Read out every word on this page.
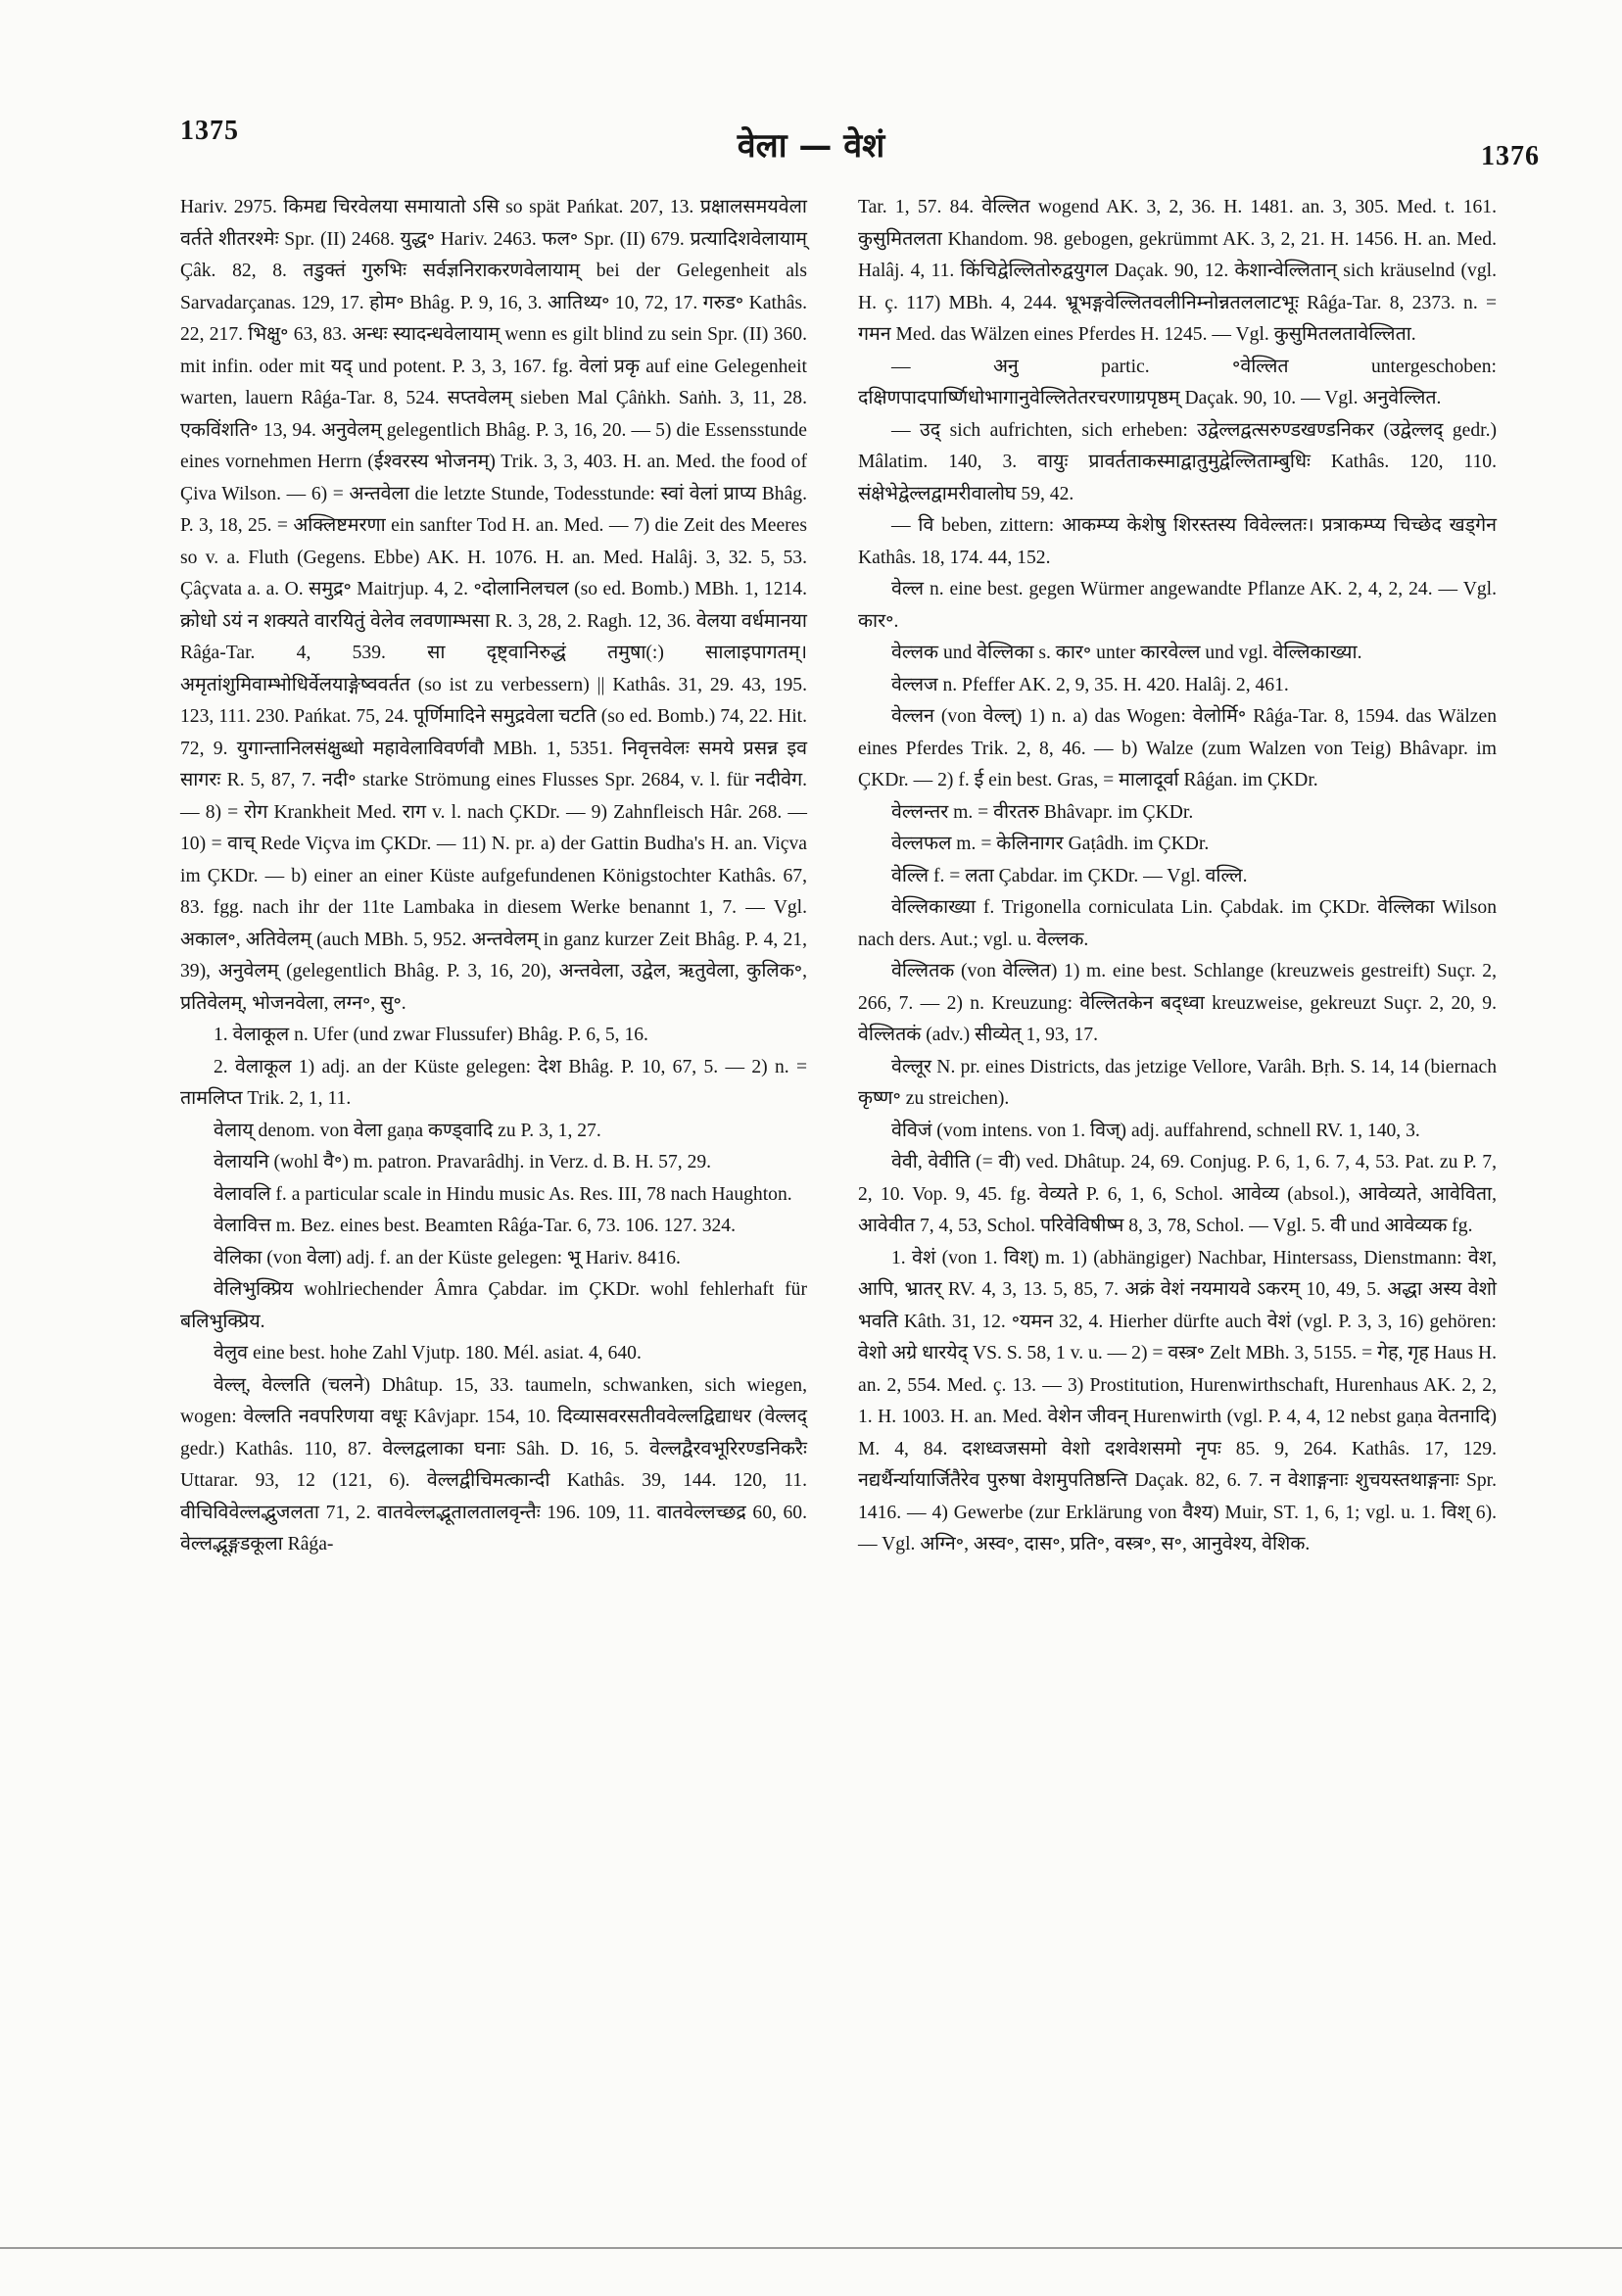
1375	वेला — वेशं	1376

Hariv. 2975. किमद्य चिरवेलया समायातो ऽसि so spät Pańkat. 207, 13. प्रक्षालसमयवेला वर्तते शीतरश्मेः Spr. (II) 2468. युद्ध॰ Hariv. 2463. फल॰ Spr. (II) 679. प्रत्यादिशवेलायाम् Çâk. 82, 8. तडुक्तं गुरुभिः सर्वज्ञनिराकरणवेलायाम् bei der Gelegenheit als Sarvadarçanas. 129, 17. होम॰ Bhâg. P. 9, 16, 3. आतिथ्य॰ 10, 72, 17. गरुड॰ Kathâs. 22, 217. भिक्षु॰ 63, 83. अन्धः स्यादन्धवेलायाम् wenn es gilt blind zu sein Spr. (II) 360. mit infin. oder mit यद् und potent. P. 3, 3, 167. fg. वेलां प्रकृ auf eine Gelegenheit warten, lauern Râǵa-Tar. 8, 524. सप्तवेलम् sieben Mal Çâṅkh. Saṅh. 3, 11, 28. एकविंशति॰ 13, 94. अनुवेलम् gelegentlich Bhâg. P. 3, 16, 20. — 5) die Essensstunde eines vornehmen Herrn (ईश्वरस्य भोजनम्) Trik. 3, 3, 403. H. an. Med. the food of Çiva Wilson. — 6) = अन्तवेला die letzte Stunde, Todesstunde: स्वां वेलां प्राप्य Bhâg. P. 3, 18, 25. = अक्लिष्टमरणा ein sanfter Tod H. an. Med. — 7) die Zeit des Meeres so v. a. Fluth (Gegens. Ebbe) AK. H. 1076. H. an. Med. Halâj. 3, 32. 5, 53. Çâçvata a. a. O. समुद्र॰ Maitrjup. 4, 2. ॰दोलानिलचल (so ed. Bomb.) MBh. 1, 1214. क्रोधो ऽयं न शक्यते वारयितुं वेलेव लवणाम्भसा R. 3, 28, 2. Ragh. 12, 36. वेलया वर्धमानया Râǵa-Tar. 4, 539. सा दृष्ट्वानिरुद्धं तमुषा(:) सालाइपागतम्। अमृतांशुमिवाम्भोधिर्वेलयाङ्गेष्ववर्तत (so ist zu verbessern) || Kathâs. 31, 29. 43, 195. 123, 111. 230. Pańkat. 75, 24. पूर्णिमादिने समुद्रवेला चटति (so ed. Bomb.) 74, 22. Hit. 72, 9. युगान्तानिलसंक्षुब्धो महावेलाविवर्णवौ MBh. 1, 5351. निवृत्तवेलः समये प्रसन्न इव सागरः R. 5, 87, 7. नदी॰ starke Strömung eines Flusses Spr. 2684, v. l. für नदीवेग. — 8) = रोग Krankheit Med. राग v. l. nach ÇKDr. — 9) Zahnfleisch Hâr. 268. — 10) = वाच् Rede Viçva im ÇKDr. — 11) N. pr. a) der Gattin Budha's H. an. Viçva im ÇKDr. — b) einer an einer Küste aufgefundenen Königstochter Kathâs. 67, 83. fgg. nach ihr der 11te Lambaka in diesem Werke benannt 1, 7. — Vgl. अकाल॰, अतिवेलम् (auch MBh. 5, 952. अन्तवेलम् in ganz kurzer Zeit Bhâg. P. 4, 21, 39), अनुवेलम् (gelegentlich Bhâg. P. 3, 16, 20), अन्तवेला, उद्वेल, ऋतुवेला, कुलिक॰, प्रतिवेलम्, भोजनवेला, लग्न॰, सु॰.

1. वेलाकूल n. Ufer (und zwar Flussufer) Bhâg. P. 6, 5, 16.

2. वेलाकूल 1) adj. an der Küste gelegen: देश Bhâg. P. 10, 67, 5. — 2) n. = तामलिप्त Trik. 2, 1, 11.

वेलाय् denom. von वेला gaṇa कण्ड्वादि zu P. 3, 1, 27.

वेलायनि (wohl वै॰) m. patron. Pravarâdhj. in Verz. d. B. H. 57, 29.

वेलावलि f. a particular scale in Hindu music As. Res. III, 78 nach Haughton.

वेलावित्त m. Bez. eines best. Beamten Râǵa-Tar. 6, 73. 106. 127. 324.

वेलिका (von वेला) adj. f. an der Küste gelegen: भू Hariv. 8416.

वेलिभुक्प्रिय wohlriechender Âmra Çabdar. im ÇKDr. wohl fehlerhaft für बलिभुक्प्रिय.

वेलुव eine best. hohe Zahl Vjutp. 180. Mél. asiat. 4, 640.

वेल्ल्, वेल्लति (चलने) Dhâtup. 15, 33. taumeln, schwanken, sich wiegen, wogen: वेल्लति नवपरिणया वधूः Kâvjapr. 154, 10. दिव्यासवरसतीववेल्लद्विद्याधर (वेल्लद् gedr.) Kathâs. 110, 87. वेल्लद्वलाका घनाः Sâh. D. 16, 5. वेल्लद्वैरवभूरिरण्डनिकरैः Uttarar. 93, 12 (121, 6). वेल्लद्वीचिमत्कान्दी Kathâs. 39, 144. 120, 11. वीचिविवेल्लद्भुजलता 71, 2. वातवेल्लद्भूतालतालवृन्तैः 196. 109, 11. वातवेल्लच्छद्र 60, 60. वेल्लद्भूङ्गडकूला Râǵa-

Tar. 1, 57. 84. वेल्लित wogend AK. 3, 2, 36. H. 1481. an. 3, 305. Med. t. 161. कुसुमितलता Khandom. 98. gebogen, gekrümmt AK. 3, 2, 21. H. 1456. H. an. Med. Halâj. 4, 11. किंचिद्वेल्लितोरुद्वयुगल Daçak. 90, 12. केशान्वेल्लितान् sich kräuselnd (vgl. H. ç. 117) MBh. 4, 244. भ्रूभङ्गवेल्लितवलीनिम्नोन्नतललाटभूः Râǵa-Tar. 8, 2373. n. = गमन Med. das Wälzen eines Pferdes H. 1245. — Vgl. कुसुमितलतावेल्लिता.

— अनु partic. ॰वेल्लित untergeschoben: दक्षिणपादपार्ष्णिधोभागानुवेल्लितेतरचरणाग्रपृष्ठम् Daçak. 90, 10. — Vgl. अनुवेल्लित.

— उद् sich aufrichten, sich erheben: उद्वेल्लद्वत्सरुण्डखण्डनिकर (उद्वेल्लद् gedr.) Mâlatim. 140, 3. वायुः प्रावर्तताकस्माद्वातुमुद्वेल्लिताम्बुधिः Kathâs. 120, 110. संक्षेभेद्वेल्लद्वामरीवालोघ 59, 42.

— वि beben, zittern: आकम्प्य केशेषु शिरस्तस्य विवेल्लतः। प्रत्राकम्प्य चिच्छेद खड्गेन Kathâs. 18, 174. 44, 152.

वेल्ल n. eine best. gegen Würmer angewandte Pflanze AK. 2, 4, 2, 24. — Vgl. कार॰.

वेल्लक und वेल्लिका s. कार॰ unter कारवेल्ल und vgl. वेल्लिकाख्या.

वेल्लज n. Pfeffer AK. 2, 9, 35. H. 420. Halâj. 2, 461.

वेल्लन (von वेल्ल्) 1) n. a) das Wogen: वेलोर्मि॰ Râǵa-Tar. 8, 1594. das Wälzen eines Pferdes Trik. 2, 8, 46. — b) Walze (zum Walzen von Teig) Bhâvapr. im ÇKDr. — 2) f. ई ein best. Gras, = मालादूर्वा Râǵan. im ÇKDr.

वेल्लन्तर m. = वीरतरु Bhâvapr. im ÇKDr.

वेल्लफल m. = केलिनागर Gaṭâdh. im ÇKDr.

वेल्लि f. = लता Çabdar. im ÇKDr. — Vgl. वल्लि.

वेल्लिकाख्या f. Trigonella corniculata Lin. Çabdak. im ÇKDr. वेल्लिका Wilson nach ders. Aut.; vgl. u. वेल्लक.

वेल्लितक (von वेल्लित) 1) m. eine best. Schlange (kreuzweis gestreift) Suçr. 2, 266, 7. — 2) n. Kreuzung: वेल्लितकेन बद्ध्वा kreuzweise, gekreuzt Suçr. 2, 20, 9. वेल्लितकं (adv.) सीव्येत् 1, 93, 17.

वेल्लूर N. pr. eines Districts, das jetzige Vellore, Varâh. Bṛh. S. 14, 14 (biernach कृष्ण॰ zu streichen).

वेविजं (vom intens. von 1. विज्) adj. auffahrend, schnell RV. 1, 140, 3.

वेवी, वेवीति (= वी) ved. Dhâtup. 24, 69. Conjug. P. 6, 1, 6. 7, 4, 53. Pat. zu P. 7, 2, 10. Vop. 9, 45. fg. वेव्यते P. 6, 1, 6, Schol. आवेव्य (absol.), आवेव्यते, आवेविता, आवेवीत 7, 4, 53, Schol. परिवेविषीष्म 8, 3, 78, Schol. — Vgl. 5. वी und आवेव्यक fg.

1. वेशं (von 1. विश्) m. 1) (abhängiger) Nachbar, Hintersass, Dienstmann: वेश, आपि, भ्रातर् RV. 4, 3, 13. 5, 85, 7. अक्रं वेशं नयमायवे ऽकरम् 10, 49, 5. अद्धा अस्य वेशो भवति Kâth. 31, 12. ॰यमन 32, 4. Hierher dürfte auch वेशं (vgl. P. 3, 3, 16) gehören: वेशो अग्रे धारयेद् VS. S. 58, 1 v. u. — 2) = वस्त्र॰ Zelt MBh. 3, 5155. = गेह, गृह Haus H. an. 2, 554. Med. ç. 13. — 3) Prostitution, Hurenwirthschaft, Hurenhaus AK. 2, 2, 1. H. 1003. H. an. Med. वेशेन जीवन् Hurenwirth (vgl. P. 4, 4, 12 nebst gaṇa वेतनादि) M. 4, 84. दशध्वजसमो वेशो दशवेशसमो नृपः 85. 9, 264. Kathâs. 17, 129. नद्यर्थैर्न्यायार्जितैरेव पुरुषा वेशमुपतिष्ठन्ति Daçak. 82, 6. 7. न वेशाङ्गनाः शुचयस्तथाङ्गनाः Spr. 1416. — 4) Gewerbe (zur Erklärung von वैश्य) Muir, ST. 1, 6, 1; vgl. u. 1. विश् 6). — Vgl. अग्नि॰, अस्व॰, दास॰, प्रति॰, वस्त्र॰, स॰, आनुवेश्य, वेशिक.
